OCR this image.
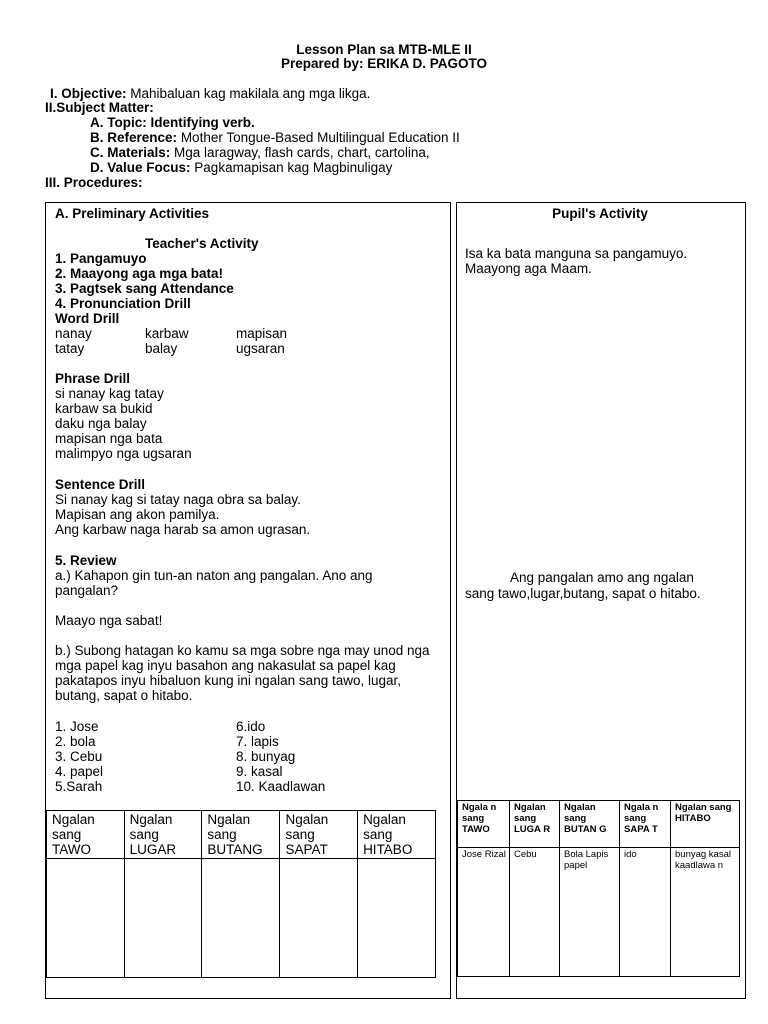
Lesson Plan sa MTB-MLE II
Prepared by: ERIKA D. PAGOTO
I. Objective: Mahibaluan kag makilala ang mga likga.
II.Subject Matter:
A. Topic: Identifying verb.
B. Reference: Mother Tongue-Based Multilingual Education II
C. Materials: Mga laragway, flash cards, chart, cartolina,
D. Value Focus: Pagkamapisan kag Magbinuligay
III. Procedures:
A. Preliminary Activities
Teacher's Activity
1. Pangamuyo
2. Maayong aga mga bata!
3. Pagtsek sang Attendance
4. Pronunciation Drill
Word Drill
nanay	karbaw	mapisan
tatay	balay	ugsaran
Phrase Drill
si nanay kag tatay
karbaw sa bukid
daku nga balay
mapisan nga bata
malimpyo nga ugsaran
Sentence Drill
Si nanay kag si tatay naga obra sa balay.
Mapisan ang akon pamilya.
Ang karbaw naga harab sa amon ugrasan.
5. Review
a.) Kahapon gin tun-an naton ang pangalan. Ano ang pangalan?
Maayo nga sabat!
b.) Subong hatagan ko kamu sa mga sobre nga may unod nga mga papel kag inyu basahon ang nakasulat sa papel kag pakatapos inyu hibaluon kung ini ngalan sang tawo, lugar, butang, sapat o hitabo.
1. Jose
2. bola
3. Cebu
4. papel
5.Sarah
6.ido
7. lapis
8. bunyag
9. kasal
10. Kaadlawan
Ngalan sang TAWO	Ngalan sang LUGAR	Ngalan sang BUTANG	Ngalan sang SAPAT	Ngalan sang HITABO

Pupil's Activity
Isa ka bata manguna sa pangamuyo.
Maayong aga Maam.
Ang pangalan amo ang ngalan
sang tawo,lugar,butang, sapat o hitabo.
Ngala n sang TAWO	Ngalan sang LUGA R	Ngalan sang BUTAN G	Ngala n sang SAPA T	Ngalan sang HITABO
Jose Rizal	Cebu	Bola Lapis papel	ido	bunyag kasal kaadlawa n
